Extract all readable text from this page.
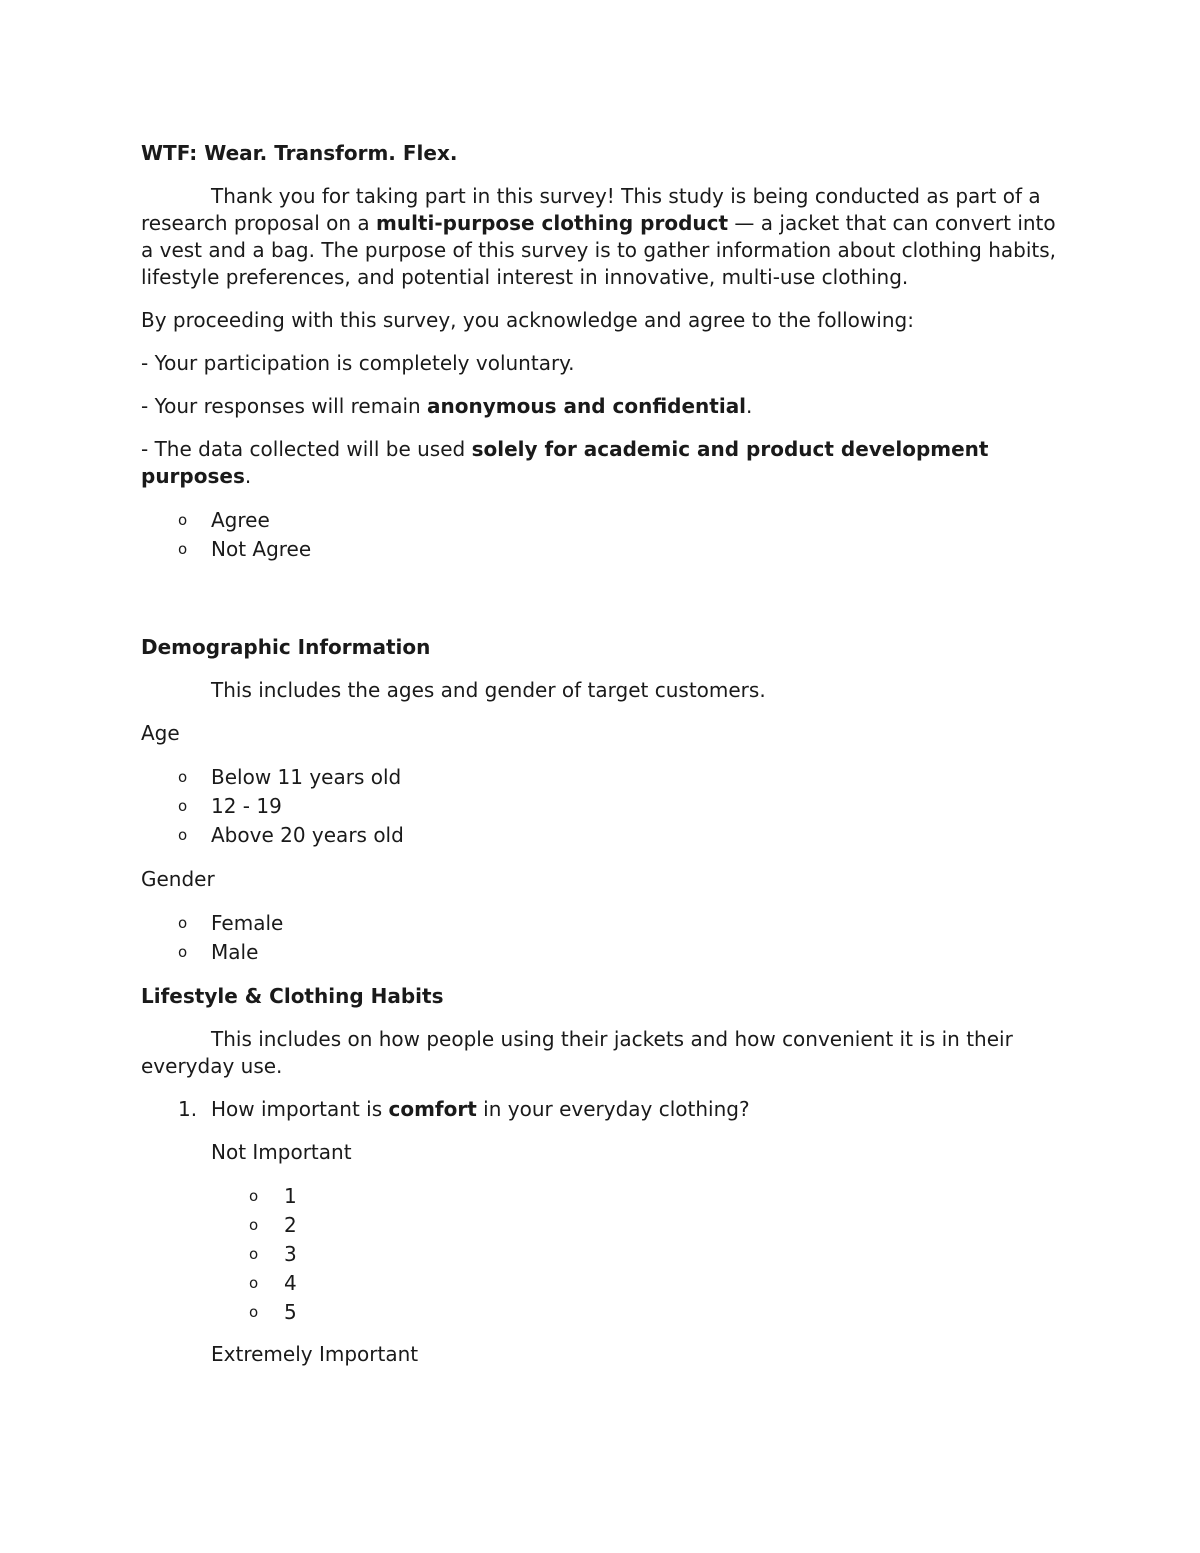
WTF: Wear. Transform. Flex.

Thank you for taking part in this survey! This study is being conducted as part of a research proposal on a multi-purpose clothing product — a jacket that can convert into a vest and a bag. The purpose of this survey is to gather information about clothing habits, lifestyle preferences, and potential interest in innovative, multi-use clothing.

By proceeding with this survey, you acknowledge and agree to the following:

- Your participation is completely voluntary.

- Your responses will remain anonymous and confidential.

- The data collected will be used solely for academic and product development purposes.

o Agree
o Not Agree

Demographic Information

This includes the ages and gender of target customers.

Age

o Below 11 years old
o 12 - 19
o Above 20 years old

Gender

o Female
o Male

Lifestyle & Clothing Habits

This includes on how people using their jackets and how convenient it is in their everyday use.

1. How important is comfort in your everyday clothing?

Not Important

o 1
o 2
o 3
o 4
o 5

Extremely Important
